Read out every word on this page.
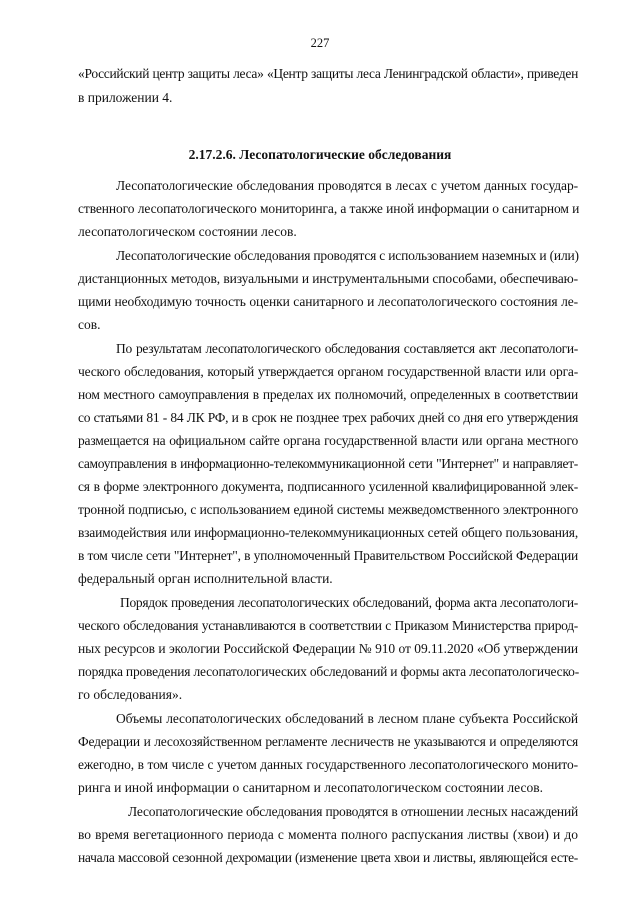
227
«Российский центр защиты леса» «Центр защиты леса Ленинградской области», приведен
в приложении 4.
2.17.2.6. Лесопатологические обследования
Лесопатологические обследования проводятся в лесах с учетом данных государ-
ственного лесопатологического мониторинга, а также иной информации о санитарном и
лесопатологическом состоянии лесов.
Лесопатологические обследования проводятся с использованием наземных и (или)
дистанционных методов, визуальными и инструментальными способами, обеспечиваю-
щими необходимую точность оценки санитарного и лесопатологического состояния ле-
сов.
По результатам лесопатологического обследования составляется акт лесопатологи-
ческого обследования, который утверждается органом государственной власти или орга-
ном местного самоуправления в пределах их полномочий, определенных в соответствии
со статьями 81 - 84 ЛК РФ, и в срок не позднее трех рабочих дней со дня его утверждения
размещается на официальном сайте органа государственной власти или органа местного
самоуправления в информационно-телекоммуникационной сети "Интернет" и направляет-
ся в форме электронного документа, подписанного усиленной квалифицированной элек-
тронной подписью, с использованием единой системы межведомственного электронного
взаимодействия или информационно-телекоммуникационных сетей общего пользования,
в том числе сети "Интернет", в уполномоченный Правительством Российской Федерации
федеральный орган исполнительной власти.
Порядок проведения лесопатологических обследований, форма акта лесопатологи-
ческого обследования устанавливаются в соответствии с Приказом Министерства природ-
ных ресурсов и экологии Российской Федерации № 910 от 09.11.2020 «Об утверждении
порядка проведения лесопатологических обследований и формы акта лесопатологическо-
го обследования».
Объемы лесопатологических обследований в лесном плане субъекта Российской
Федерации и лесохозяйственном регламенте лесничеств не указываются и определяются
ежегодно, в том числе с учетом данных государственного лесопатологического монито-
ринга и иной информации о санитарном и лесопатологическом состоянии лесов.
Лесопатологические обследования проводятся в отношении лесных насаждений
во время вегетационного периода с момента полного распускания листвы (хвои) и до
начала массовой сезонной дехромации (изменение цвета хвои и листвы, являющейся есте-
